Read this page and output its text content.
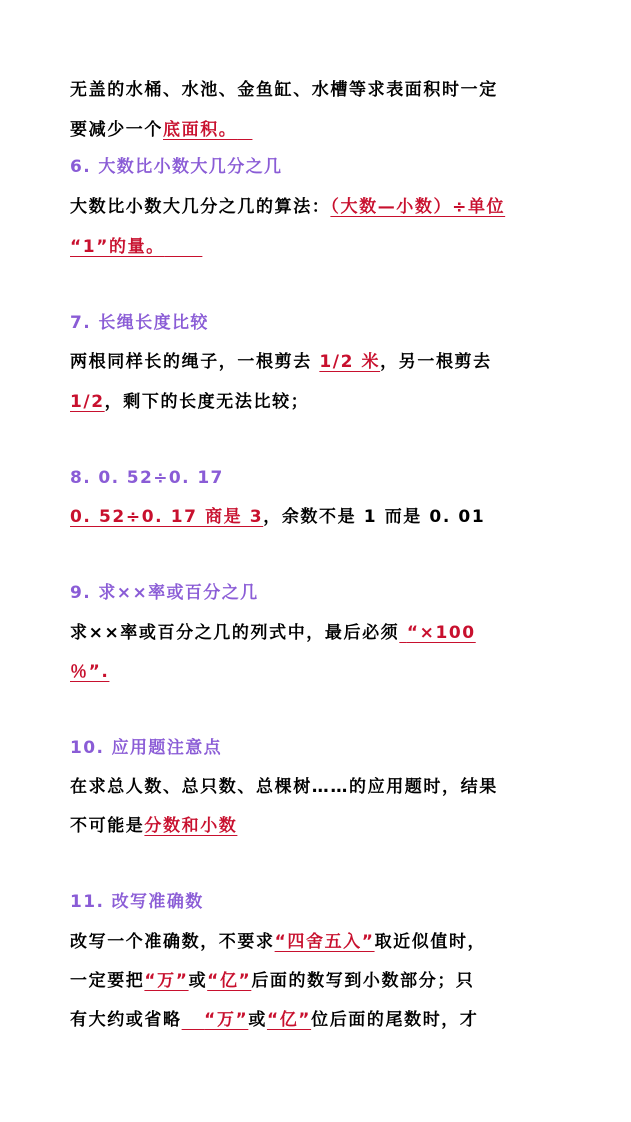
无盖的水桶、水池、金鱼缸、水槽等求表面积时一定
要减少一个底面积。
6. 大数比小数大几分之几
大数比小数大几分之几的算法：（大数—小数）÷单位
“1”的量。
7. 长绳长度比较
两根同样长的绳子，一根剪去 1/2 米，另一根剪去
1/2，剩下的长度无法比较；
8. 0. 52÷0. 17
0. 52÷0. 17 商是 3，余数不是 1 而是 0. 01
9. 求××率或百分之几
求××率或百分之几的列式中，最后必须 “×100
％”.
10. 应用题注意点
在求总人数、总只数、总棵树……的应用题时，结果
不可能是分数和小数
11. 改写准确数
改写一个准确数，不要求“四舍五入”取近似值时，
一定要把“万”或“亿”后面的数写到小数部分；只
有大约或省略 “万”或“亿”位后面的尾数时，才
